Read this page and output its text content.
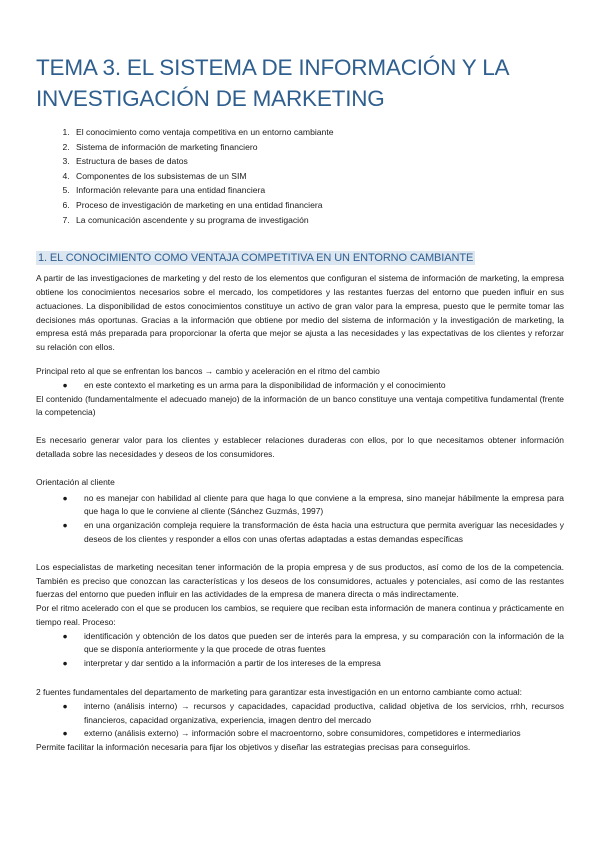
TEMA 3. EL SISTEMA DE INFORMACIÓN Y LA INVESTIGACIÓN DE MARKETING
1. El conocimiento como ventaja competitiva en un entorno cambiante
2. Sistema de información de marketing financiero
3. Estructura de bases de datos
4. Componentes de los subsistemas de un SIM
5. Información relevante para una entidad financiera
6. Proceso de investigación de marketing en una entidad financiera
7. La comunicación ascendente y su programa de investigación
1. EL CONOCIMIENTO COMO VENTAJA COMPETITIVA EN UN ENTORNO CAMBIANTE

A partir de las investigaciones de marketing y del resto de los elementos que configuran el sistema de información de marketing, la empresa obtiene los conocimientos necesarios sobre el mercado, los competidores y las restantes fuerzas del entorno que pueden influir en sus actuaciones. La disponibilidad de estos conocimientos constituye un activo de gran valor para la empresa, puesto que le permite tomar las decisiones más oportunas. Gracias a la información que obtiene por medio del sistema de información y la investigación de marketing, la empresa está más preparada para proporcionar la oferta que mejor se ajusta a las necesidades y las expectativas de los clientes y reforzar su relación con ellos.

Principal reto al que se enfrentan los bancos → cambio y aceleración en el ritmo del cambio

● en este contexto el marketing es un arma para la disponibilidad de información y el conocimiento

El contenido (fundamentalmente el adecuado manejo) de la información de un banco constituye una ventaja competitiva fundamental (frente la competencia)

Es necesario generar valor para los clientes y establecer relaciones duraderas con ellos, por lo que necesitamos obtener información detallada sobre las necesidades y deseos de los consumidores.

Orientación al cliente

● no es manejar con habilidad al cliente para que haga lo que conviene a la empresa, sino manejar hábilmente la empresa para que haga lo que le conviene al cliente (Sánchez Guzmás, 1997)
● en una organización compleja requiere la transformación de ésta hacia una estructura que permita averiguar las necesidades y deseos de los clientes y responder a ellos con unas ofertas adaptadas a estas demandas específicas

Los especialistas de marketing necesitan tener información de la propia empresa y de sus productos, así como de los de la competencia. También es preciso que conozcan las características y los deseos de los consumidores, actuales y potenciales, así como de las restantes fuerzas del entorno que pueden influir en las actividades de la empresa de manera directa o más indirectamente.

Por el ritmo acelerado con el que se producen los cambios, se requiere que reciban esta información de manera continua y prácticamente en tiempo real. Proceso:

● identificación y obtención de los datos que pueden ser de interés para la empresa, y su comparación con la información de la que se disponía anteriormente y la que procede de otras fuentes
● interpretar y dar sentido a la información a partir de los intereses de la empresa

2 fuentes fundamentales del departamento de marketing para garantizar esta investigación en un entorno cambiante como actual:

● interno (análisis interno) → recursos y capacidades, capacidad productiva, calidad objetiva de los servicios, rrhh, recursos financieros, capacidad organizativa, experiencia, imagen dentro del mercado
● externo (análisis externo) → información sobre el macroentorno, sobre consumidores, competidores e intermediarios

Permite facilitar la información necesaria para fijar los objetivos y diseñar las estrategias precisas para conseguirlos.
